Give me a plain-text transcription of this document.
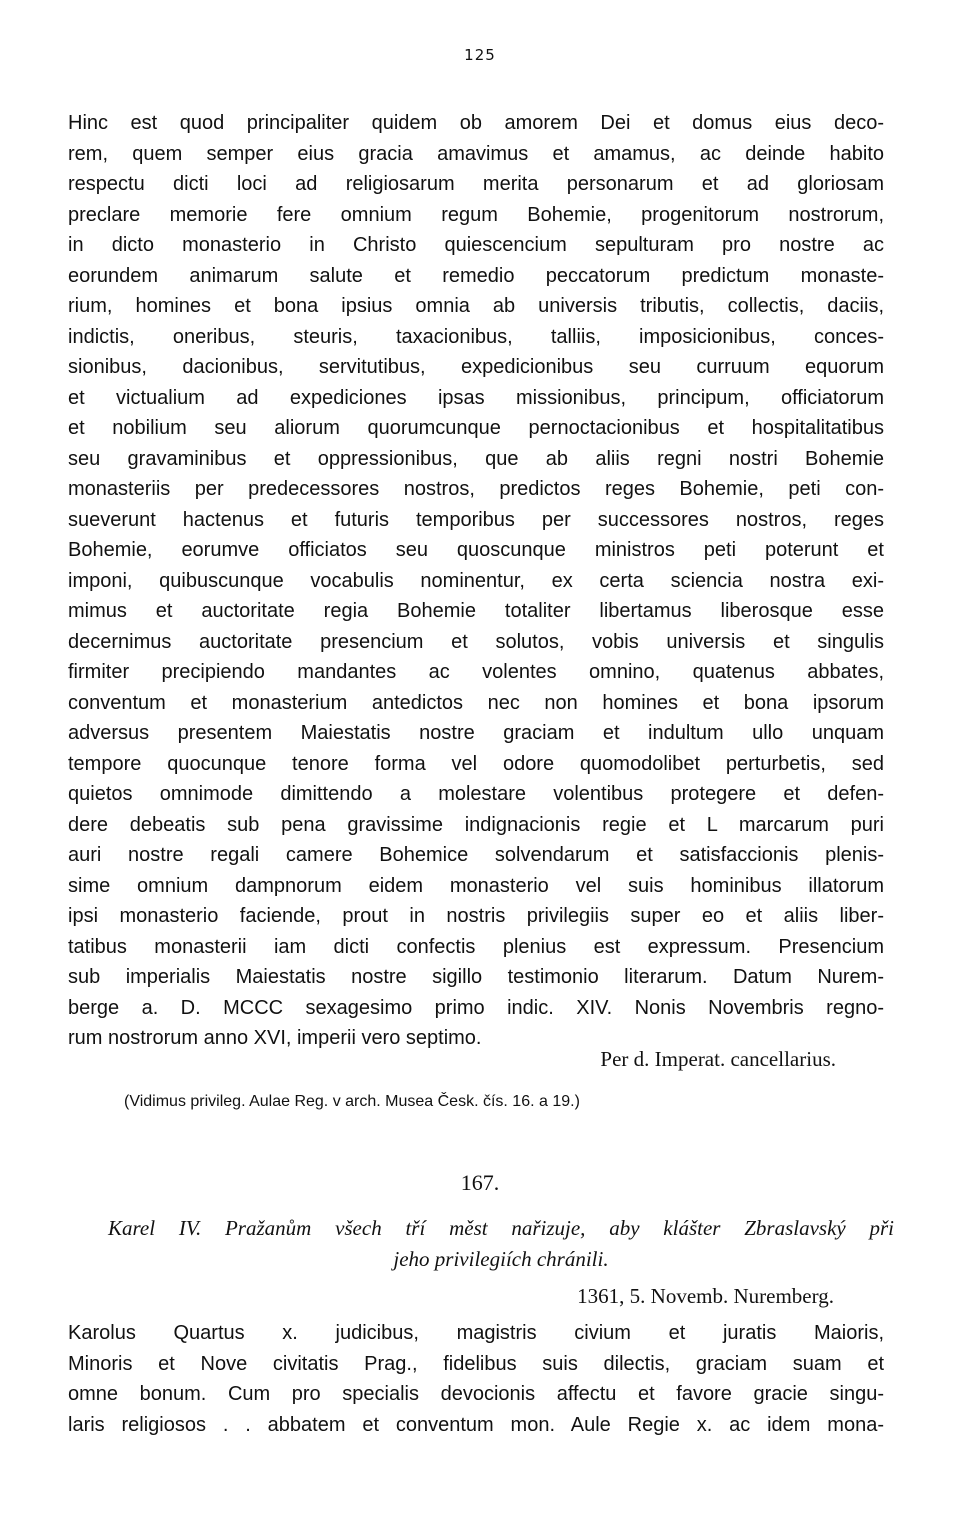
125
Hinc est quod principaliter quidem ob amorem Dei et domus eius deco-
rem, quem semper eius gracia amavimus et amamus, ac deinde habito
respectu dicti loci ad religiosarum merita personarum et ad gloriosam
preclare memorie fere omnium regum Bohemie, progenitorum nostrorum,
in dicto monasterio in Christo quiescencium sepulturam pro nostre ac
eorundem animarum salute et remedio peccatorum predictum monaste-
rium, homines et bona ipsius omnia ab universis tributis, collectis, daciis,
indictis, oneribus, steuris, taxacionibus, talliis, imposicionibus, conces-
sionibus, dacionibus, servitutibus, expedicionibus seu curruum equorum
et victualium ad expediciones ipsas missionibus, principum, officiatorum
et nobilium seu aliorum quorumcunque pernoctacionibus et hospitalitatibus
seu gravaminibus et oppressionibus, que ab aliis regni nostri Bohemie
monasteriis per predecessores nostros, predictos reges Bohemie, peti con-
sueverunt hactenus et futuris temporibus per successores nostros, reges
Bohemie, eorumve officiatos seu quoscunque ministros peti poterunt et
imponi, quibuscunque vocabulis nominentur, ex certa sciencia nostra exi-
mimus et auctoritate regia Bohemie totaliter libertamus liberosque esse
decernimus auctoritate presencium et solutos, vobis universis et singulis
firmiter precipiendo mandantes ac volentes omnino, quatenus abbates,
conventum et monasterium antedictos nec non homines et bona ipsorum
adversus presentem Maiestatis nostre graciam et indultum ullo unquam
tempore quocunque tenore forma vel odore quomodolibet perturbetis, sed
quietos omnimode dimittendo a molestare volentibus protegere et defen-
dere debeatis sub pena gravissime indignacionis regie et L marcarum puri
auri nostre regali camere Bohemice solvendarum et satisfaccionis plenis-
sime omnium dampnorum eidem monasterio vel suis hominibus illatorum
ipsi monasterio faciende, prout in nostris privilegiis super eo et aliis liber-
tatibus monasterii iam dicti confectis plenius est expressum. Presencium
sub imperialis Maiestatis nostre sigillo testimonio literarum. Datum Nurem-
berge a. D. MCCC sexagesimo primo indic. XIV. Nonis Novembris regno-
rum nostrorum anno XVI, imperii vero septimo.
Per d. Imperat. cancellarius.
(Vidimus privileg. Aulae Reg. v arch. Musea Česk. čís. 16. a 19.)
167.
Karel IV. Pražanům všech tří měst nařizuje, aby klášter Zbraslavský při
jeho privilegiích chránili.
1361, 5. Novemb. Nuremberg.
Karolus Quartus x. judicibus, magistris civium et juratis Maioris,
Minoris et Nove civitatis Prag., fidelibus suis dilectis, graciam suam et
omne bonum. Cum pro specialis devocionis affectu et favore gracie singu-
laris religiosos . . abbatem et conventum mon. Aule Regie x. ac idem mona-
